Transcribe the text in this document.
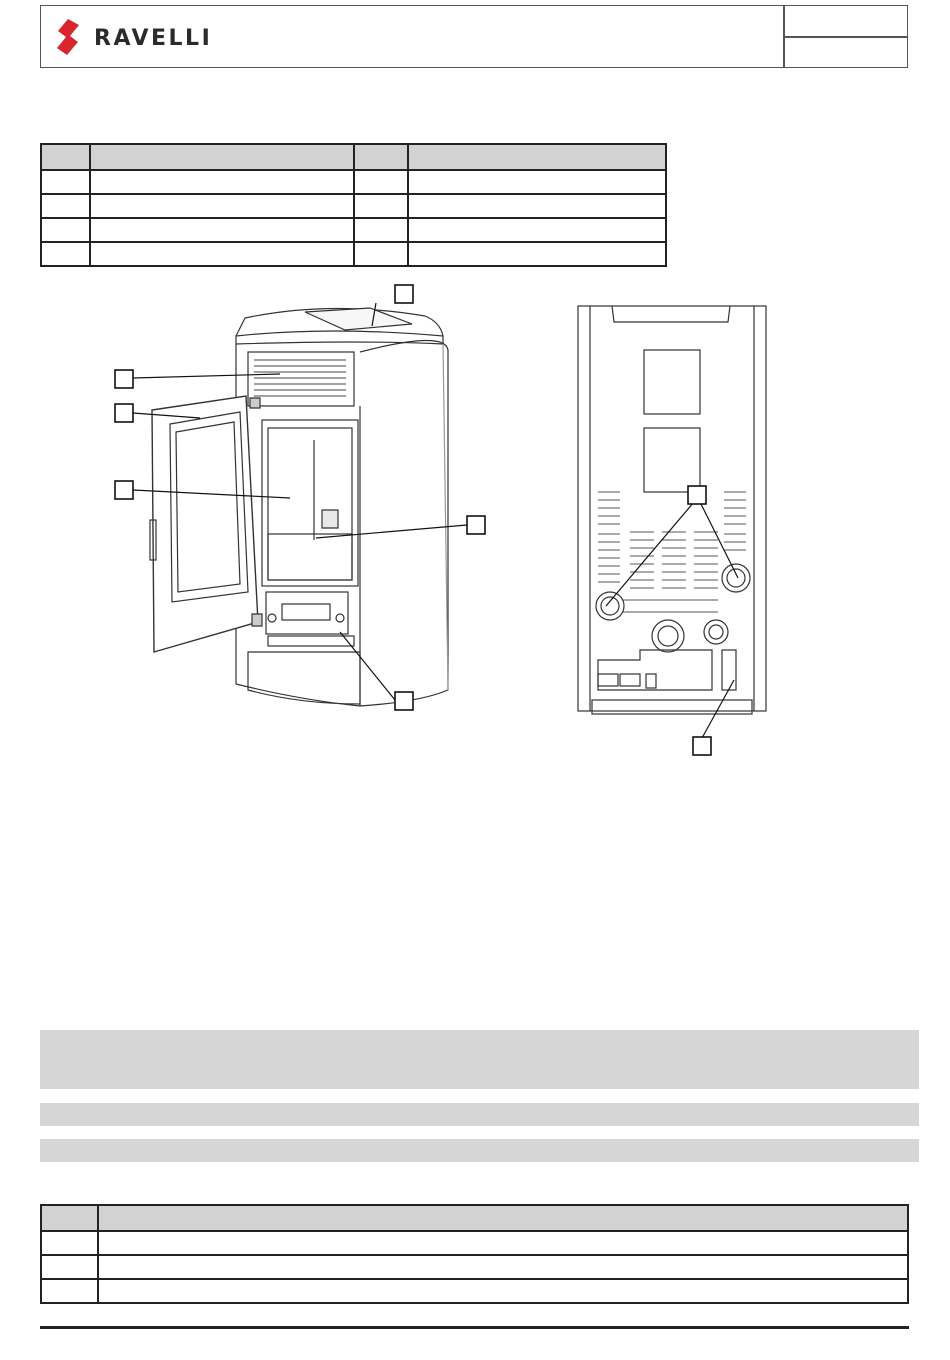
RAVELLI
